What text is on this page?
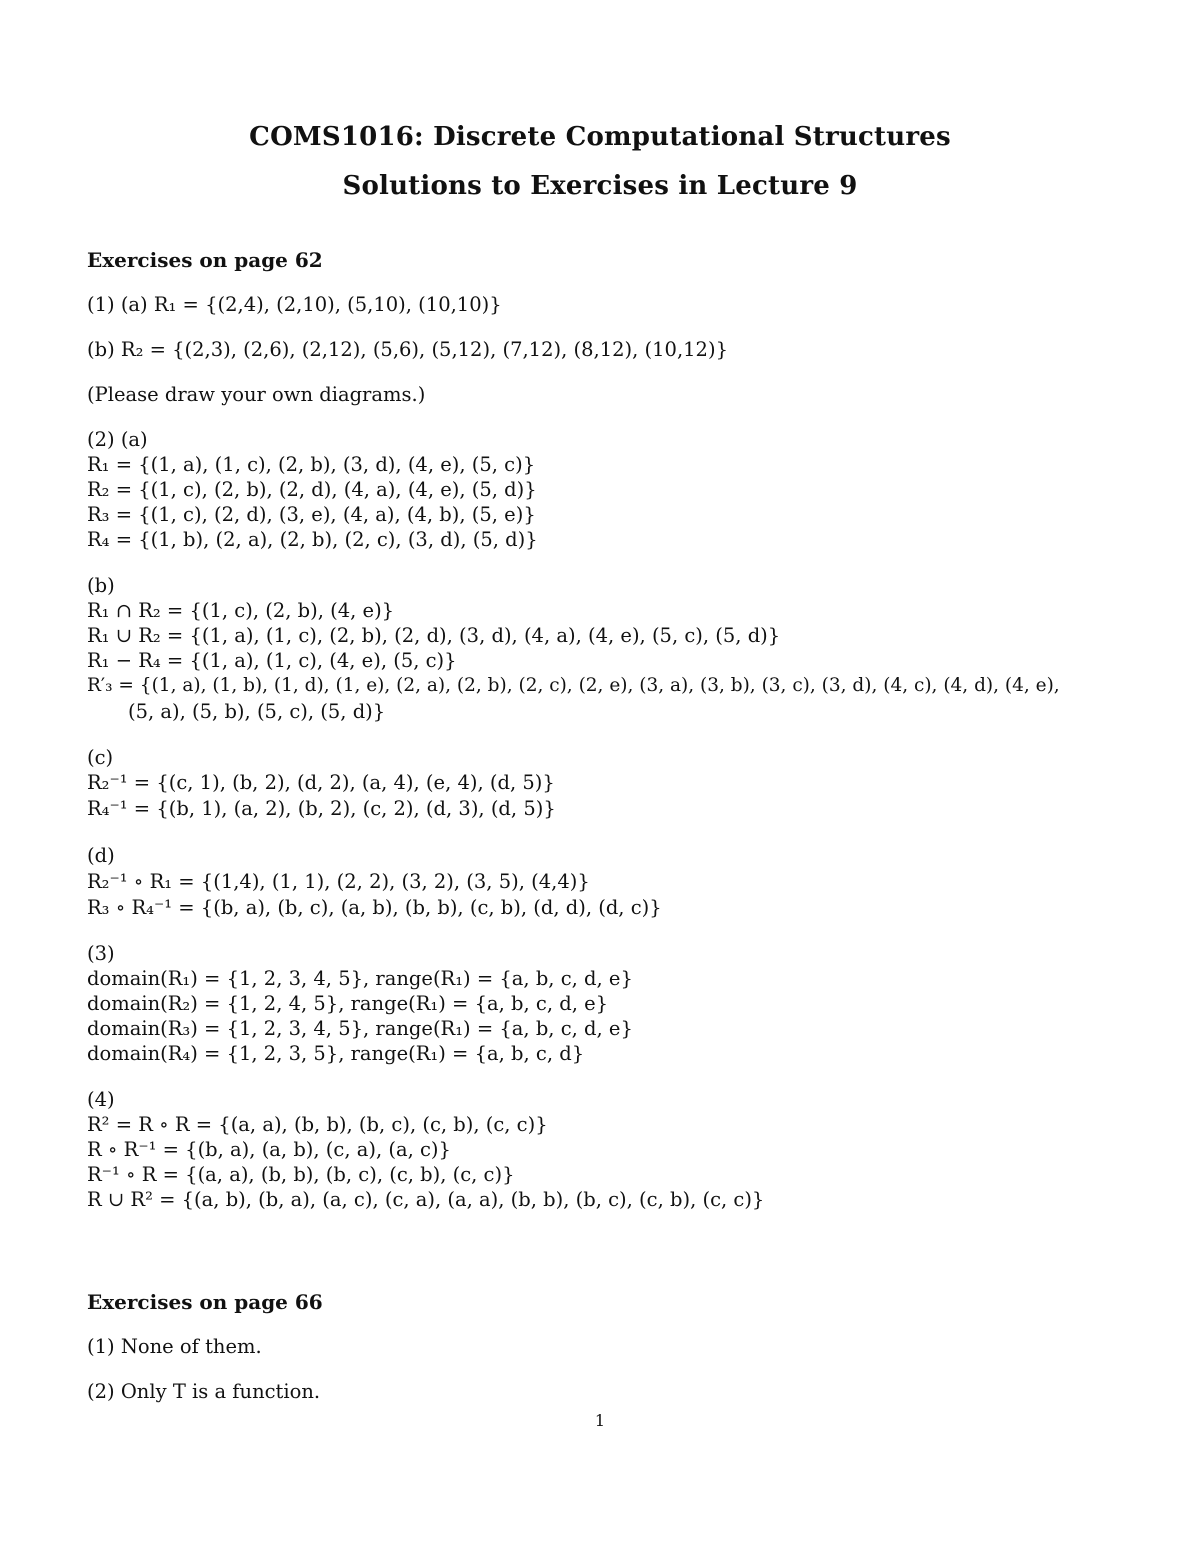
COMS1016: Discrete Computational Structures
Solutions to Exercises in Lecture 9
Exercises on page 62
(1) (a) R₁ = {(2,4), (2,10), (5,10), (10,10)}
(b) R₂ = {(2,3), (2,6), (2,12), (5,6), (5,12), (7,12), (8,12), (10,12)}
(Please draw your own diagrams.)
(2) (a)
R₁ = {(1, a), (1, c), (2, b), (3, d), (4, e), (5, c)}
R₂ = {(1, c), (2, b), (2, d), (4, a), (4, e), (5, d)}
R₃ = {(1, c), (2, d), (3, e), (4, a), (4, b), (5, e)}
R₄ = {(1, b), (2, a), (2, b), (2, c), (3, d), (5, d)}
(b)
R₁ ∩ R₂ = {(1, c), (2, b), (4, e)}
R₁ ∪ R₂ = {(1, a), (1, c), (2, b), (2, d), (3, d), (4, a), (4, e), (5, c), (5, d)}
R₁ − R₄ = {(1, a), (1, c), (4, e), (5, c)}
R′₃ = {(1, a), (1, b), (1, d), (1, e), (2, a), (2, b), (2, c), (2, e), (3, a), (3, b), (3, c), (3, d), (4, c), (4, d), (4, e),
(5, a), (5, b), (5, c), (5, d)}
(c)
R₂⁻¹ = {(c, 1), (b, 2), (d, 2), (a, 4), (e, 4), (d, 5)}
R₄⁻¹ = {(b, 1), (a, 2), (b, 2), (c, 2), (d, 3), (d, 5)}
(d)
R₂⁻¹ ∘ R₁ = {(1,4), (1, 1), (2, 2), (3, 2), (3, 5), (4,4)}
R₃ ∘ R₄⁻¹ = {(b, a), (b, c), (a, b), (b, b), (c, b), (d, d), (d, c)}
(3)
domain(R₁) = {1, 2, 3, 4, 5}, range(R₁) = {a, b, c, d, e}
domain(R₂) = {1, 2, 4, 5}, range(R₁) = {a, b, c, d, e}
domain(R₃) = {1, 2, 3, 4, 5}, range(R₁) = {a, b, c, d, e}
domain(R₄) = {1, 2, 3, 5}, range(R₁) = {a, b, c, d}
(4)
R² = R ∘ R = {(a, a), (b, b), (b, c), (c, b), (c, c)}
R ∘ R⁻¹ = {(b, a), (a, b), (c, a), (a, c)}
R⁻¹ ∘ R = {(a, a), (b, b), (b, c), (c, b), (c, c)}
R ∪ R² = {(a, b), (b, a), (a, c), (c, a), (a, a), (b, b), (b, c), (c, b), (c, c)}
Exercises on page 66
(1) None of them.
(2) Only T is a function.
1
